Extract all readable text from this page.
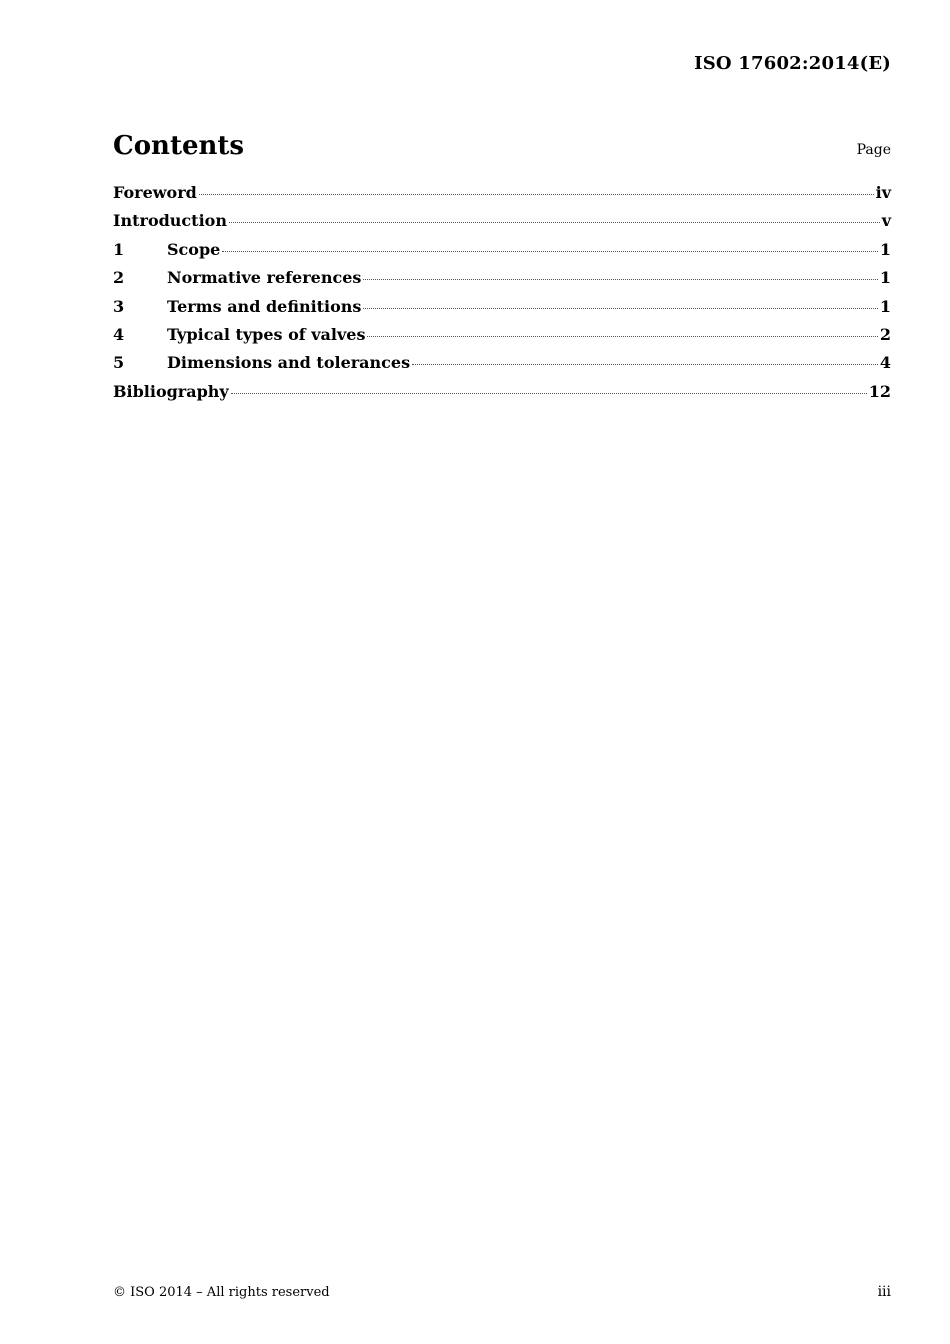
ISO 17602:2014(E)
Contents	Page
Foreword	iv
Introduction	v
1	Scope	1
2	Normative references	1
3	Terms and definitions	1
4	Typical types of valves	2
5	Dimensions and tolerances	4
Bibliography	12
© ISO 2014 – All rights reserved	iii
